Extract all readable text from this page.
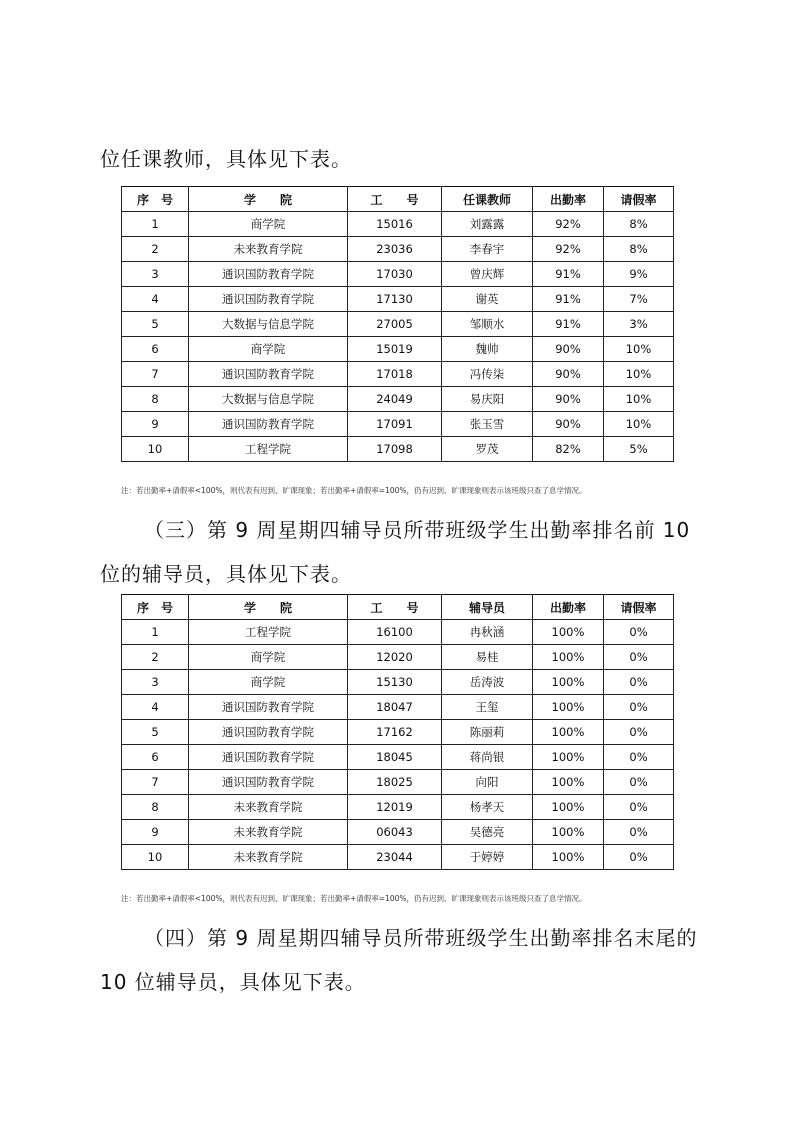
位任课教师，具体见下表。

序　号	学　　院	工　　号	任课教师	出勤率	请假率
1	商学院	15016	刘露露	92%	8%
2	未来教育学院	23036	李春宇	92%	8%
3	通识国防教育学院	17030	曾庆辉	91%	9%
4	通识国防教育学院	17130	谢英	91%	7%
5	大数据与信息学院	27005	邹顺水	91%	3%
6	商学院	15019	魏帅	90%	10%
7	通识国防教育学院	17018	冯传柒	90%	10%
8	大数据与信息学院	24049	易庆阳	90%	10%
9	通识国防教育学院	17091	张玉雪	90%	10%
10	工程学院	17098	罗茂	82%	5%

注：若出勤率+请假率<100%，则代表有迟到、旷课现象；若出勤率+请假率=100%，仍有迟到、旷课现象则表示该班级只查了息学情况。

（三）第 9 周星期四辅导员所带班级学生出勤率排名前 10 位的辅导员，具体见下表。

序　号	学　　院	工　　号	辅导员	出勤率	请假率
1	工程学院	16100	冉秋涵	100%	0%
2	商学院	12020	易桂	100%	0%
3	商学院	15130	岳涛波	100%	0%
4	通识国防教育学院	18047	王玺	100%	0%
5	通识国防教育学院	17162	陈丽莉	100%	0%
6	通识国防教育学院	18045	蒋尚银	100%	0%
7	通识国防教育学院	18025	向阳	100%	0%
8	未来教育学院	12019	杨孝天	100%	0%
9	未来教育学院	06043	吴德亮	100%	0%
10	未来教育学院	23044	于婷婷	100%	0%

注：若出勤率+请假率<100%，则代表有迟到、旷课现象；若出勤率+请假率=100%，仍有迟到、旷课现象则表示该班级只查了息学情况。

（四）第 9 周星期四辅导员所带班级学生出勤率排名末尾的 10 位辅导员，具体见下表。
